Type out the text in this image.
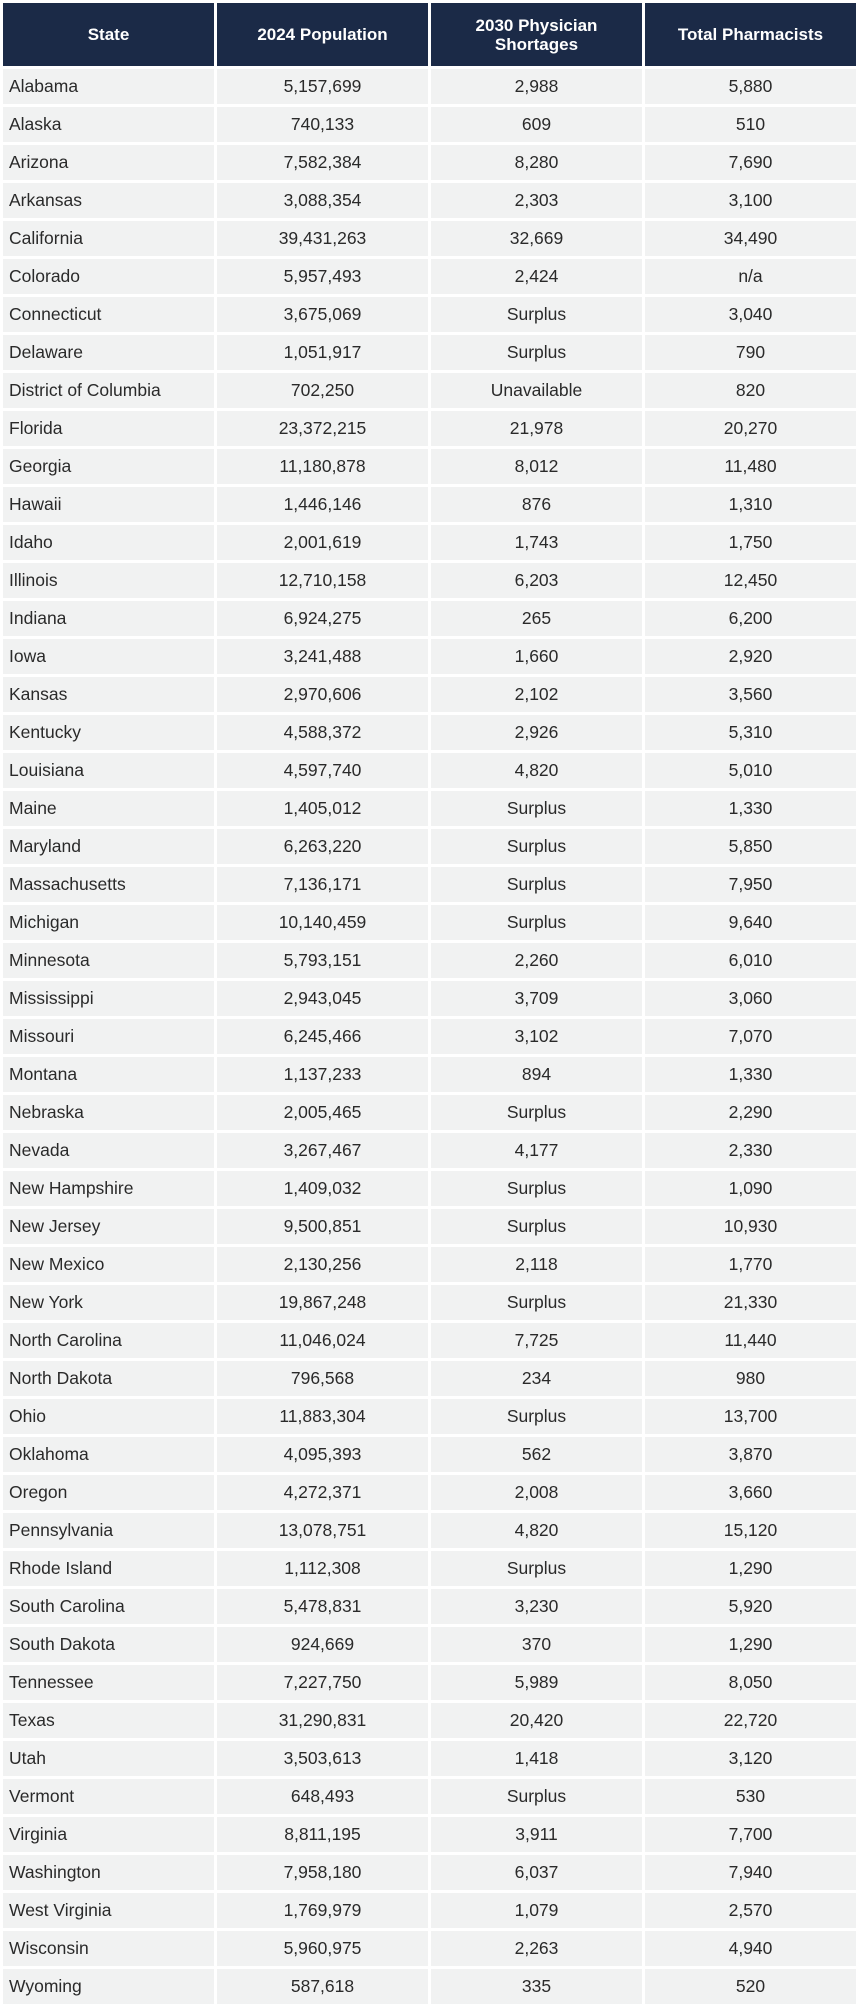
State	2024 Population	2030 Physician Shortages	Total Pharmacists
Alabama	5,157,699	2,988	5,880
Alaska	740,133	609	510
Arizona	7,582,384	8,280	7,690
Arkansas	3,088,354	2,303	3,100
California	39,431,263	32,669	34,490
Colorado	5,957,493	2,424	n/a
Connecticut	3,675,069	Surplus	3,040
Delaware	1,051,917	Surplus	790
District of Columbia	702,250	Unavailable	820
Florida	23,372,215	21,978	20,270
Georgia	11,180,878	8,012	11,480
Hawaii	1,446,146	876	1,310
Idaho	2,001,619	1,743	1,750
Illinois	12,710,158	6,203	12,450
Indiana	6,924,275	265	6,200
Iowa	3,241,488	1,660	2,920
Kansas	2,970,606	2,102	3,560
Kentucky	4,588,372	2,926	5,310
Louisiana	4,597,740	4,820	5,010
Maine	1,405,012	Surplus	1,330
Maryland	6,263,220	Surplus	5,850
Massachusetts	7,136,171	Surplus	7,950
Michigan	10,140,459	Surplus	9,640
Minnesota	5,793,151	2,260	6,010
Mississippi	2,943,045	3,709	3,060
Missouri	6,245,466	3,102	7,070
Montana	1,137,233	894	1,330
Nebraska	2,005,465	Surplus	2,290
Nevada	3,267,467	4,177	2,330
New Hampshire	1,409,032	Surplus	1,090
New Jersey	9,500,851	Surplus	10,930
New Mexico	2,130,256	2,118	1,770
New York	19,867,248	Surplus	21,330
North Carolina	11,046,024	7,725	11,440
North Dakota	796,568	234	980
Ohio	11,883,304	Surplus	13,700
Oklahoma	4,095,393	562	3,870
Oregon	4,272,371	2,008	3,660
Pennsylvania	13,078,751	4,820	15,120
Rhode Island	1,112,308	Surplus	1,290
South Carolina	5,478,831	3,230	5,920
South Dakota	924,669	370	1,290
Tennessee	7,227,750	5,989	8,050
Texas	31,290,831	20,420	22,720
Utah	3,503,613	1,418	3,120
Vermont	648,493	Surplus	530
Virginia	8,811,195	3,911	7,700
Washington	7,958,180	6,037	7,940
West Virginia	1,769,979	1,079	2,570
Wisconsin	5,960,975	2,263	4,940
Wyoming	587,618	335	520
